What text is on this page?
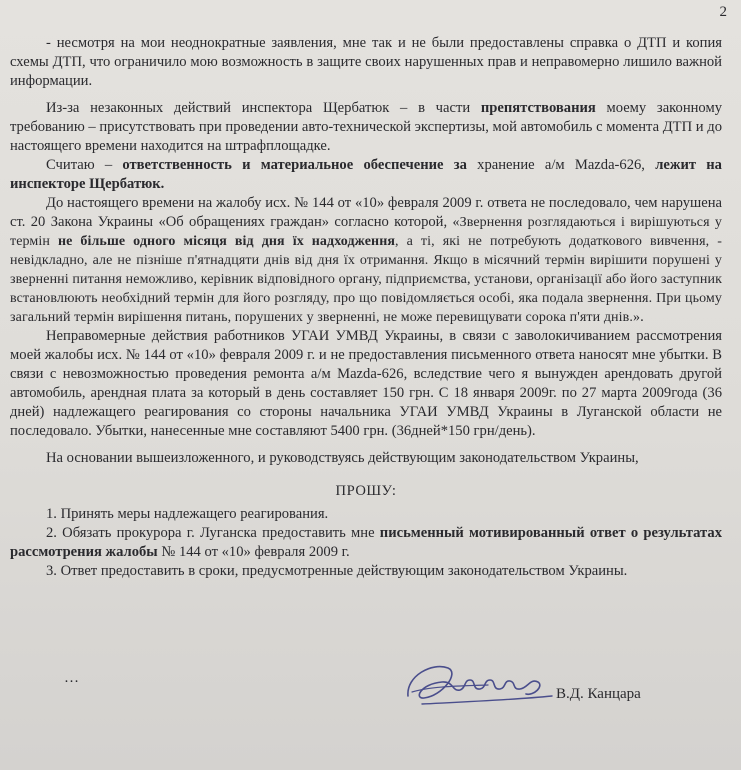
2

- несмотря на мои неоднократные заявления, мне так и не были предоставлены справка о ДТП и копия схемы ДТП, что ограничило мою возможность в защите своих нарушенных прав и неправомерно лишило важной информации.

Из-за незаконных действий инспектора Щербатюк – в части препятствования моему законному требованию – присутствовать при проведении авто-технической экспертизы, мой автомобиль с момента ДТП и до настоящего времени находится на штрафплощадке.

Считаю – ответственность и материальное обеспечение за хранение а/м Mazda-626, лежит на инспекторе Щербатюк.

До настоящего времени на жалобу исх. № 144 от «10» февраля 2009 г. ответа не последовало, чем нарушена ст. 20 Закона Украины «Об обращениях граждан» согласно которой, «Звернення розглядаються і вирішуються у термін не більше одного місяця від дня їх надходження, а ті, які не потребують додаткового вивчення, - невідкладно, але не пізніше п'ятнадцяти днів від дня їх отримання. Якщо в місячний термін вирішити порушені у зверненні питання неможливо, керівник відповідного органу, підприємства, установи, організації або його заступник встановлюють необхідний термін для його розгляду, про що повідомляється особі, яка подала звернення. При цьому загальний термін вирішення питань, порушених у зверненні, не може перевищувати сорока п'яти днів.».

Неправомерные действия работников УГАИ УМВД Украины, в связи с заволокичиванием рассмотрения моей жалобы исх. № 144 от «10» февраля 2009 г. и не предоставления письменного ответа наносят мне убытки. В связи с невозможностью проведения ремонта а/м Mazda-626, вследствие чего я вынужден арендовать другой автомобиль, арендная плата за который в день составляет 150 грн. С 18 января 2009г. по 27 марта 2009года (36 дней) надлежащего реагирования со стороны начальника УГАИ УМВД Украины в Луганской области не последовало. Убытки, нанесенные мне составляют 5400 грн. (36дней*150 грн/день).

На основании вышеизложенного, и руководствуясь действующим законодательством Украины,

ПРОШУ:

1. Принять меры надлежащего реагирования.
2. Обязать прокурора г. Луганска предоставить мне письменный мотивированный ответ о результатах рассмотрения жалобы № 144 от «10» февраля 2009 г.
3. Ответ предоставить в сроки, предусмотренные действующим законодательством Украины.
…
В.Д. Канцара
